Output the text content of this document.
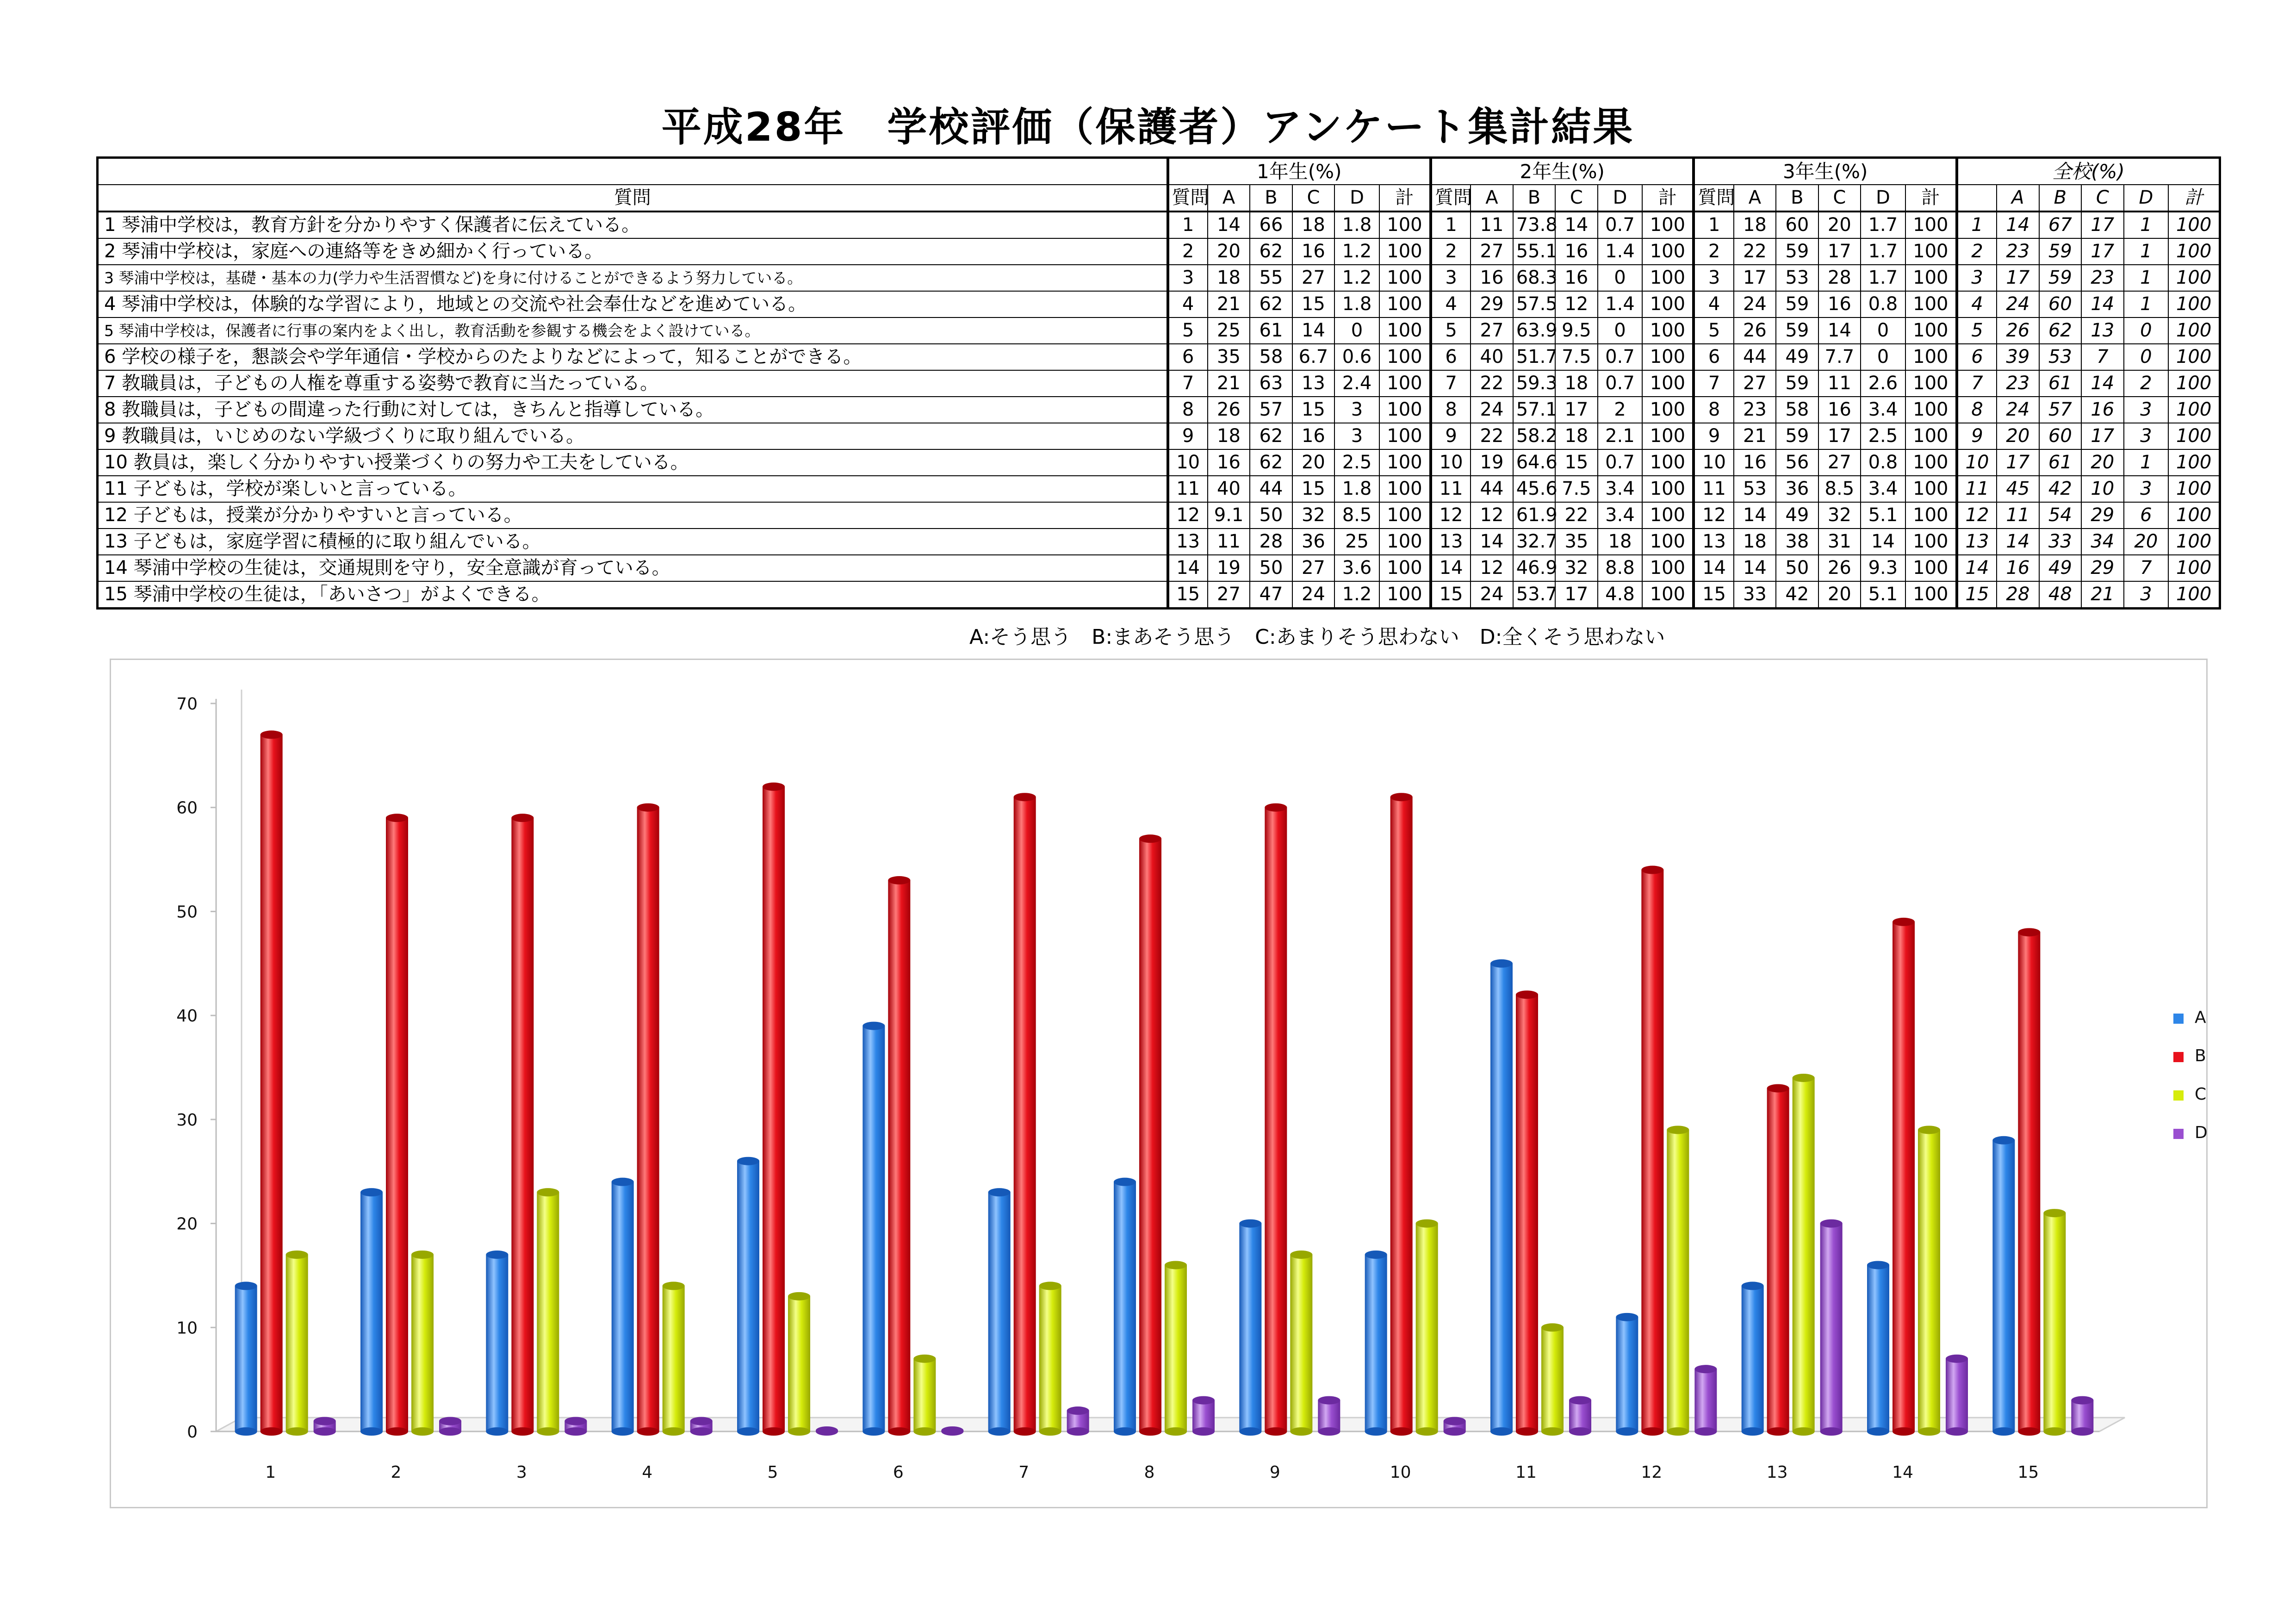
平成28年　学校評価（保護者）アンケート集計結果
	1年生(%)						2年生(%)						3年生(%)						全校(%)					
質問	質問	A	B	C	D	計	質問	A	B	C	D	計	質問	A	B	C	D	計		A	B	C	D	計
1 琴浦中学校は，教育方針を分かりやすく保護者に伝えている。	1	14	66	18	1.8	100	1	11	73.8	14	0.7	100	1	18	60	20	1.7	100	1	14	67	17	1	100
2 琴浦中学校は，家庭への連絡等をきめ細かく行っている。	2	20	62	16	1.2	100	2	27	55.1	16	1.4	100	2	22	59	17	1.7	100	2	23	59	17	1	100
3 琴浦中学校は，基礎・基本の力(学力や生活習慣など)を身に付けることができるよう努力している。	3	18	55	27	1.2	100	3	16	68.3	16	0	100	3	17	53	28	1.7	100	3	17	59	23	1	100
4 琴浦中学校は，体験的な学習により，地域との交流や社会奉仕などを進めている。	4	21	62	15	1.8	100	4	29	57.5	12	1.4	100	4	24	59	16	0.8	100	4	24	60	14	1	100
5 琴浦中学校は，保護者に行事の案内をよく出し，教育活動を参観する機会をよく設けている。	5	25	61	14	0	100	5	27	63.9	9.5	0	100	5	26	59	14	0	100	5	26	62	13	0	100
6 学校の様子を，懇談会や学年通信・学校からのたよりなどによって，知ることができる。	6	35	58	6.7	0.6	100	6	40	51.7	7.5	0.7	100	6	44	49	7.7	0	100	6	39	53	7	0	100
7 教職員は，子どもの人権を尊重する姿勢で教育に当たっている。	7	21	63	13	2.4	100	7	22	59.3	18	0.7	100	7	27	59	11	2.6	100	7	23	61	14	2	100
8 教職員は，子どもの間違った行動に対しては，きちんと指導している。	8	26	57	15	3	100	8	24	57.1	17	2	100	8	23	58	16	3.4	100	8	24	57	16	3	100
9 教職員は，いじめのない学級づくりに取り組んでいる。	9	18	62	16	3	100	9	22	58.2	18	2.1	100	9	21	59	17	2.5	100	9	20	60	17	3	100
10 教員は，楽しく分かりやすい授業づくりの努力や工夫をしている。	10	16	62	20	2.5	100	10	19	64.6	15	0.7	100	10	16	56	27	0.8	100	10	17	61	20	1	100
11 子どもは，学校が楽しいと言っている。	11	40	44	15	1.8	100	11	44	45.6	7.5	3.4	100	11	53	36	8.5	3.4	100	11	45	42	10	3	100
12 子どもは，授業が分かりやすいと言っている。	12	9.1	50	32	8.5	100	12	12	61.9	22	3.4	100	12	14	49	32	5.1	100	12	11	54	29	6	100
13 子どもは，家庭学習に積極的に取り組んでいる。	13	11	28	36	25	100	13	14	32.7	35	18	100	13	18	38	31	14	100	13	14	33	34	20	100
14 琴浦中学校の生徒は，交通規則を守り，安全意識が育っている。	14	19	50	27	3.6	100	14	12	46.9	32	8.8	100	14	14	50	26	9.3	100	14	16	49	29	7	100
15 琴浦中学校の生徒は，「あいさつ」がよくできる。	15	27	47	24	1.2	100	15	24	53.7	17	4.8	100	15	33	42	20	5.1	100	15	28	48	21	3	100
A:そう思う　B:まあそう思う　C:あまりそう思わない　D:全くそう思わない
0
10
20
30
40
50
60
70
1	2	3	4	5	6	7	8	9	10	11	12	13	14	15
A
B
C
D
